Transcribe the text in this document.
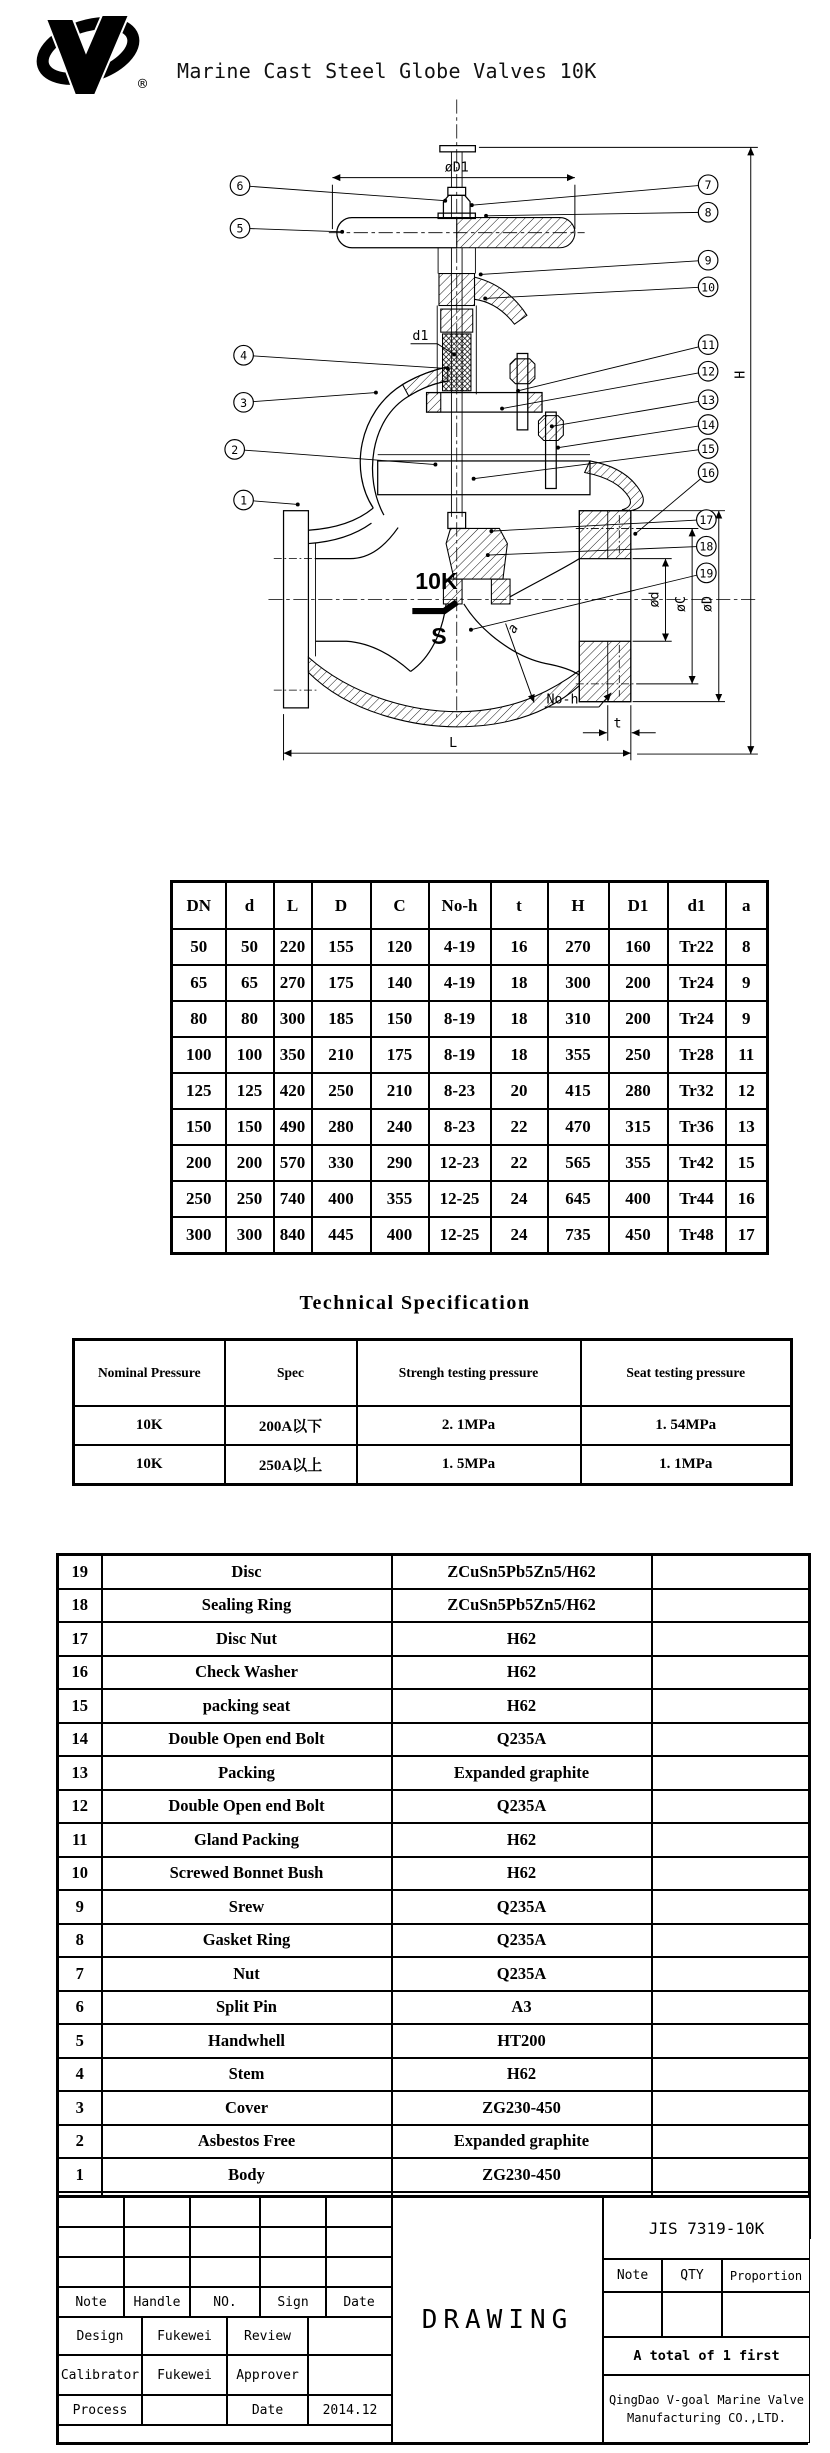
®
Marine Cast Steel Globe Valves 10K
øD1
H
ød øC øD
L
t
No-h
a
d1
10K
S
1
2
3
4
5
6	7
8
9
10
11
12
13
14
15
16
17
18
19
DN	d	L	D	C	No-h	t	H	D1	d1	a
50	50	220	155	120	4-19	16	270	160	Tr22	8
65	65	270	175	140	4-19	18	300	200	Tr24	9
80	80	300	185	150	8-19	18	310	200	Tr24	9
100	100	350	210	175	8-19	18	355	250	Tr28	11
125	125	420	250	210	8-23	20	415	280	Tr32	12
150	150	490	280	240	8-23	22	470	315	Tr36	13
200	200	570	330	290	12-23	22	565	355	Tr42	15
250	250	740	400	355	12-25	24	645	400	Tr44	16
300	300	840	445	400	12-25	24	735	450	Tr48	17
Technical Specification
Nominal Pressure	Spec	Strengh testing pressure	Seat testing pressure
10K	200A以下	2. 1MPa	1. 54MPa
10K	250A以上	1. 5MPa	1. 1MPa
19	Disc	ZCuSn5Pb5Zn5/H62	
18	Sealing Ring	ZCuSn5Pb5Zn5/H62	
17	Disc Nut	H62	
16	Check Washer	H62	
15	packing seat	H62	
14	Double Open end Bolt	Q235A	
13	Packing	Expanded graphite	
12	Double Open end Bolt	Q235A	
11	Gland Packing	H62	
10	Screwed Bonnet Bush	H62	
9	Srew	Q235A	
8	Gasket Ring	Q235A	
7	Nut	Q235A	
6	Split Pin	A3	
5	Handwhell	HT200	
4	Stem	H62	
3	Cover	ZG230-450	
2	Asbestos Free	Expanded graphite	
1	Body	ZG230-450	

Note	Handle	NO.	Sign	Date
Design	Fukewei	Review
Calibrator	Fukewei	Approver
Process	Date	2014.12
DRAWING
JIS 7319-10K
Note	QTY	Proportion
A total of 1 first
QingDao V-goal Marine Valve
Manufacturing CO.,LTD.
